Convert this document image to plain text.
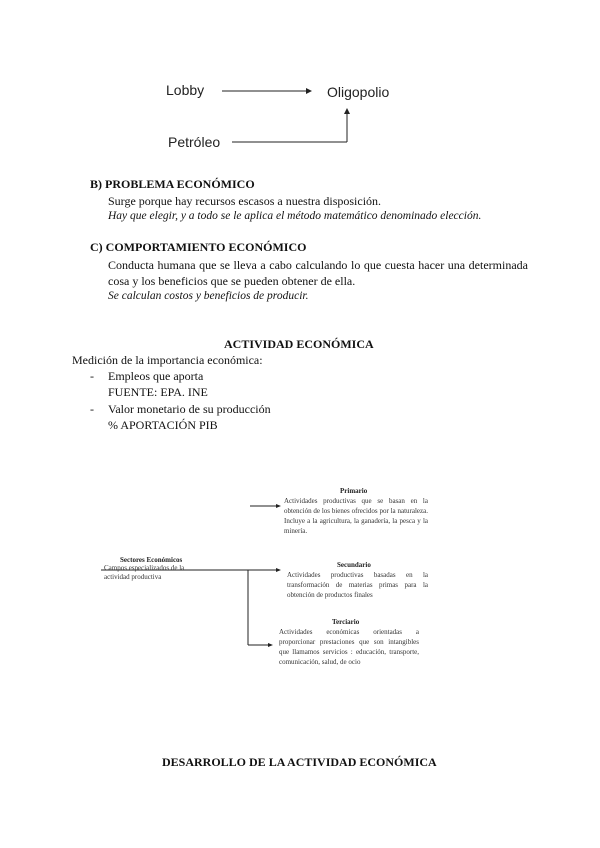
Lobby	Oligopolio
Petróleo
B) PROBLEMA ECONÓMICO
Surge porque hay recursos escasos a nuestra disposición.
Hay que elegir, y a todo se le aplica el método matemático denominado elección.
C) COMPORTAMIENTO ECONÓMICO
Conducta humana que se lleva a cabo calculando lo que cuesta hacer una determinada cosa y los beneficios que se pueden obtener de ella.
Se calculan costos y beneficios de producir.
ACTIVIDAD ECONÓMICA
Medición de la importancia económica:
- Empleos que aporta
FUENTE: EPA. INE
- Valor monetario de su producción
% APORTACIÓN PIB
Sectores Económicos
Campos especializados de la actividad productiva
Primario
Actividades productivas que se basan en la obtención de los bienes ofrecidos por la naturaleza. Incluye a la agricultura, la ganadería, la pesca y la minería.
Secundario
Actividades productivas basadas en la transformación de materias primas para la obtención de productos finales
Terciario
Actividades económicas orientadas a proporcionar prestaciones que son intangibles que llamamos servicios : educación, transporte, comunicación, salud, de ocio
DESARROLLO DE LA ACTIVIDAD ECONÓMICA
